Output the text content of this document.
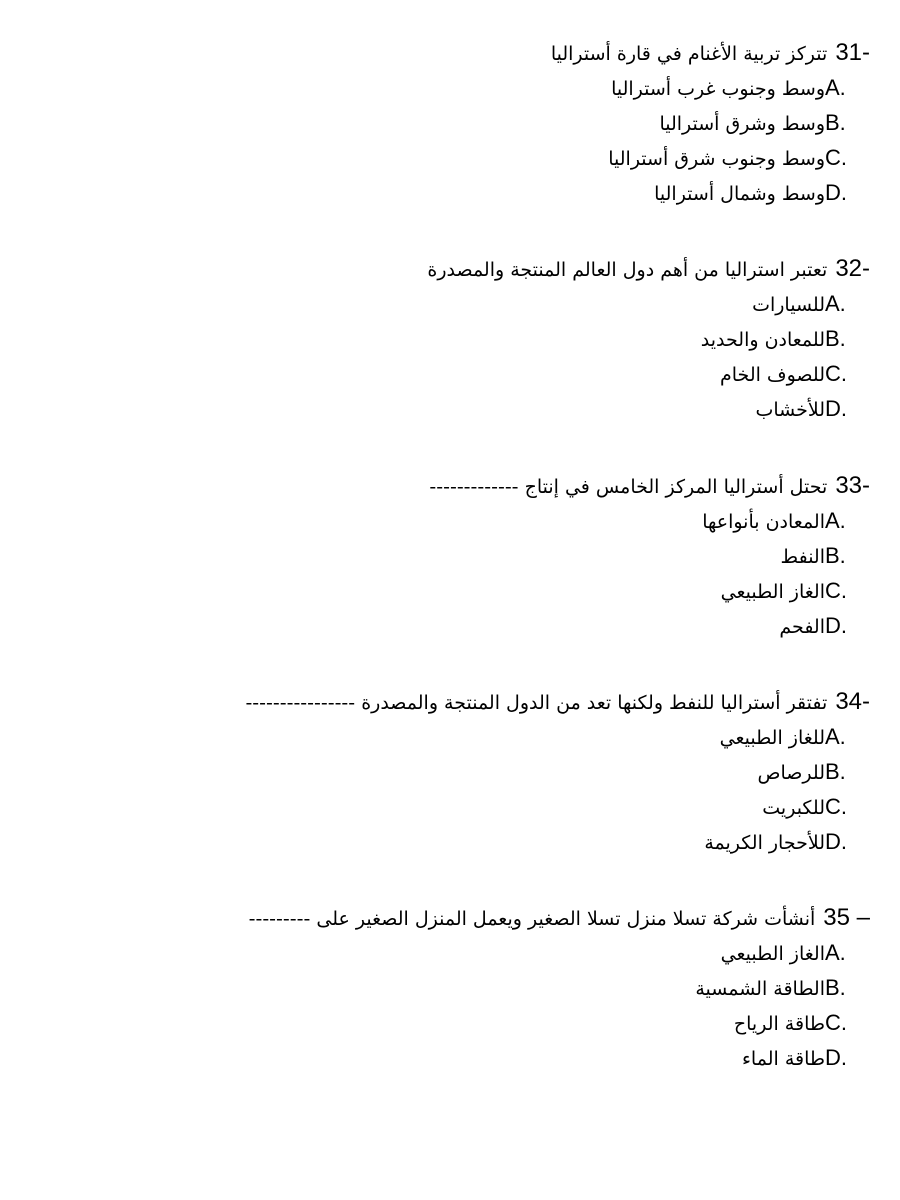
31-
تتركز تربية الأغنام في قارة أستراليا
A.
وسط وجنوب غرب أستراليا
B.
وسط وشرق أستراليا
C.
وسط وجنوب شرق أستراليا
D.
وسط وشمال أستراليا
32-
تعتبر استراليا من أهم دول العالم المنتجة والمصدرة
A.
للسيارات
B.
للمعادن والحديد
C.
للصوف الخام
D.
للأخشاب
33-
تحتل أستراليا المركز الخامس في إنتاج -------------
A.
المعادن بأنواعها
B.
النفط
C.
الغاز الطبيعي
D.
الفحم
34-
تفتقر أستراليا للنفط ولكنها تعد من الدول المنتجة والمصدرة ----------------
A.
للغاز الطبيعي
B.
للرصاص
C.
للكبريت
D.
للأحجار الكريمة
35 –
أنشأت شركة تسلا منزل تسلا الصغير ويعمل المنزل الصغير على ---------
A.
الغاز الطبيعي
B.
الطاقة الشمسية
C.
طاقة الرياح
D.
طاقة الماء
